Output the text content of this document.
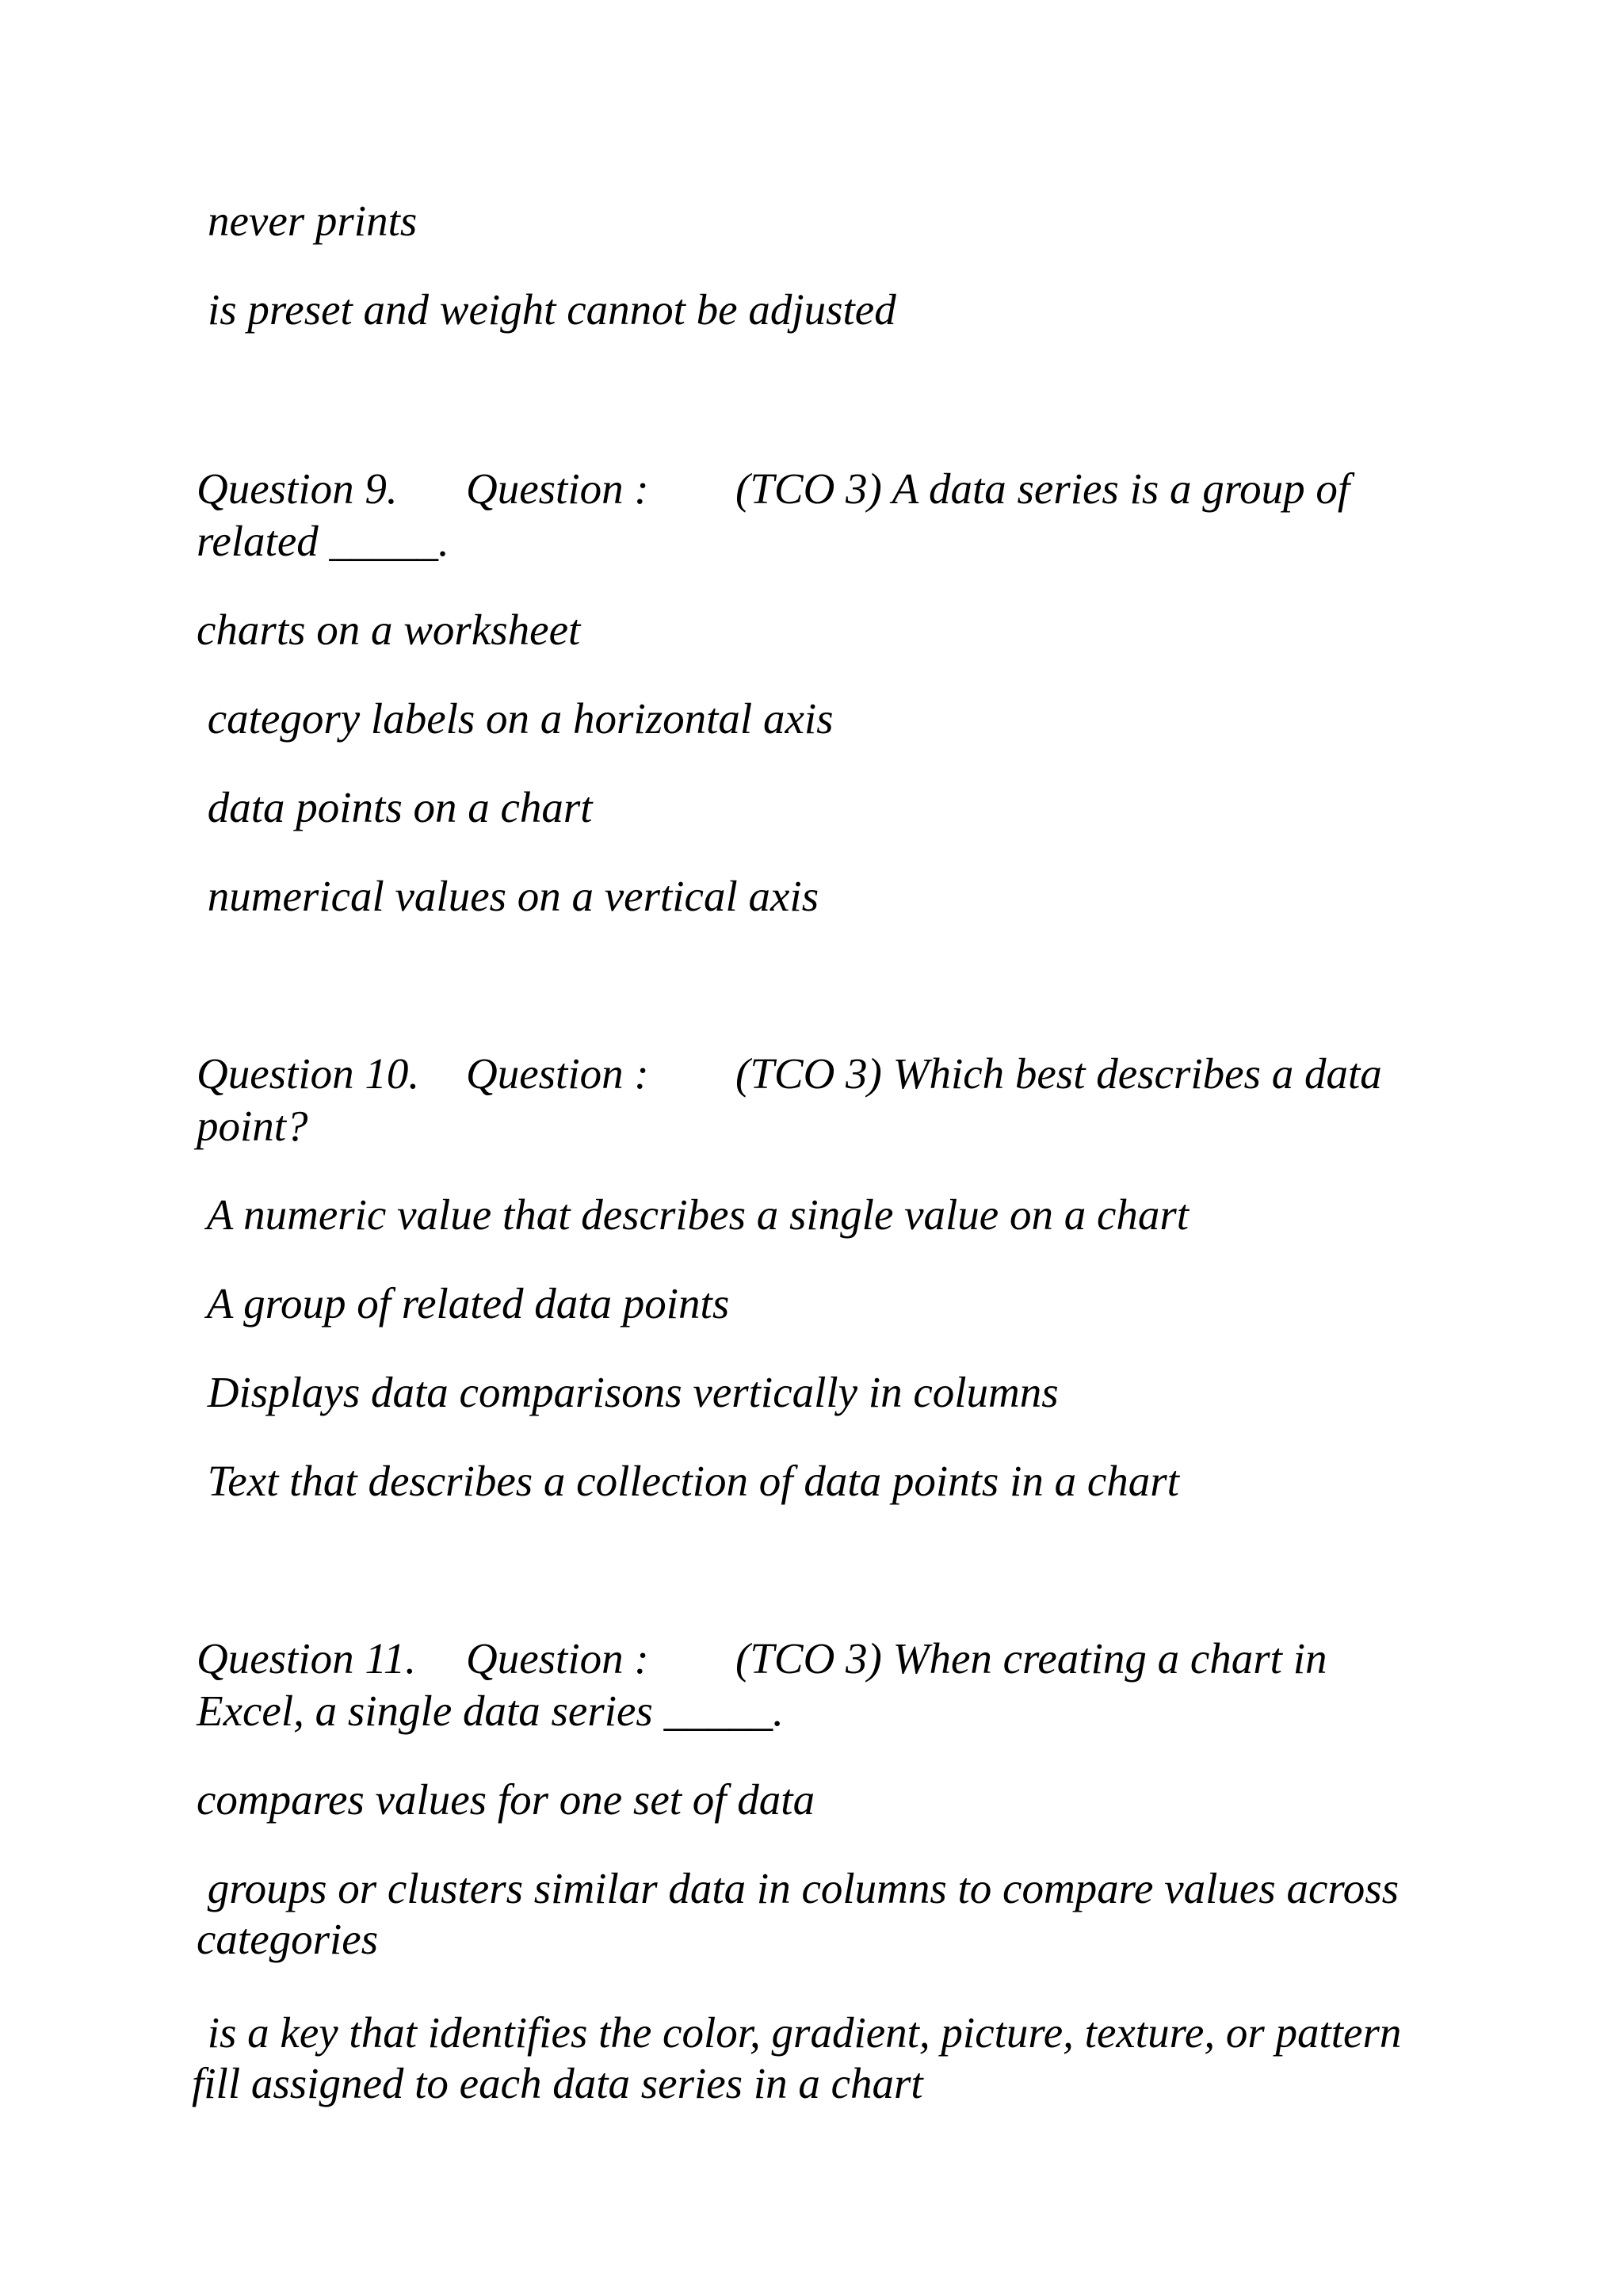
never prints

is preset and weight cannot be adjusted

Question 9. Question : (TCO 3) A data series is a group of
related _____.

charts on a worksheet

category labels on a horizontal axis

data points on a chart

numerical values on a vertical axis

Question 10. Question : (TCO 3) Which best describes a data
point?

A numeric value that describes a single value on a chart

A group of related data points

Displays data comparisons vertically in columns

Text that describes a collection of data points in a chart

Question 11. Question : (TCO 3) When creating a chart in
Excel, a single data series _____.

compares values for one set of data

groups or clusters similar data in columns to compare values across

categories

is a key that identifies the color, gradient, picture, texture, or pattern

fill assigned to each data series in a chart
